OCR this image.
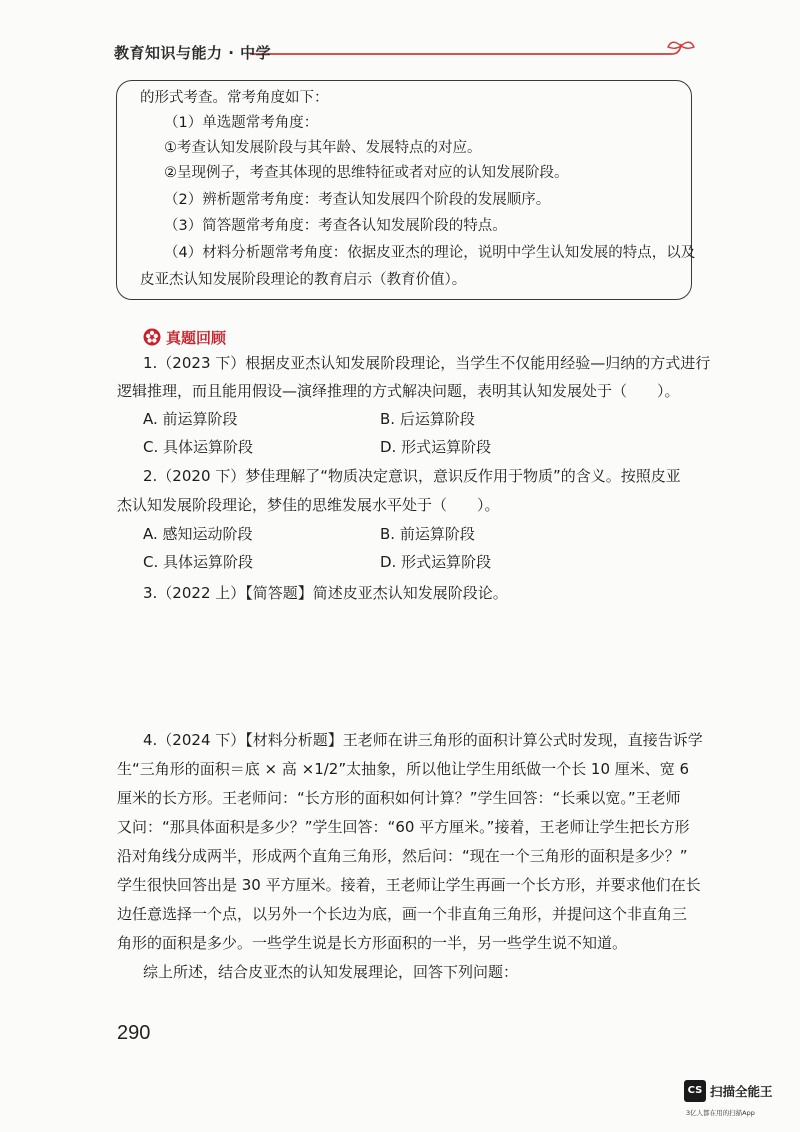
教育知识与能力 · 中学
的形式考查。常考角度如下：
（1）单选题常考角度：
①考查认知发展阶段与其年龄、发展特点的对应。
②呈现例子，考查其体现的思维特征或者对应的认知发展阶段。
（2）辨析题常考角度：考查认知发展四个阶段的发展顺序。
（3）简答题常考角度：考查各认知发展阶段的特点。
（4）材料分析题常考角度：依据皮亚杰的理论，说明中学生认知发展的特点，以及
皮亚杰认知发展阶段理论的教育启示（教育价值）。
真题回顾
1.（2023 下）根据皮亚杰认知发展阶段理论，当学生不仅能用经验—归纳的方式进行
逻辑推理，而且能用假设—演绎推理的方式解决问题，表明其认知发展处于（　　）。
A. 前运算阶段	B. 后运算阶段
C. 具体运算阶段	D. 形式运算阶段
2.（2020 下）梦佳理解了“物质决定意识，意识反作用于物质”的含义。按照皮亚
杰认知发展阶段理论，梦佳的思维发展水平处于（　　）。
A. 感知运动阶段	B. 前运算阶段
C. 具体运算阶段	D. 形式运算阶段
3.（2022 上）【简答题】简述皮亚杰认知发展阶段论。
4.（2024 下）【材料分析题】王老师在讲三角形的面积计算公式时发现，直接告诉学
生“三角形的面积＝底 × 高 ×1/2”太抽象，所以他让学生用纸做一个长 10 厘米、宽 6
厘米的长方形。王老师问：“长方形的面积如何计算？”学生回答：“长乘以宽。”王老师
又问：“那具体面积是多少？”学生回答：“60 平方厘米。”接着，王老师让学生把长方形
沿对角线分成两半，形成两个直角三角形，然后问：“现在一个三角形的面积是多少？”
学生很快回答出是 30 平方厘米。接着，王老师让学生再画一个长方形，并要求他们在长
边任意选择一个点，以另外一个长边为底，画一个非直角三角形，并提问这个非直角三
角形的面积是多少。一些学生说是长方形面积的一半，另一些学生说不知道。
综上所述，结合皮亚杰的认知发展理论，回答下列问题：
290
CS 扫描全能王
3亿人都在用的扫描App
